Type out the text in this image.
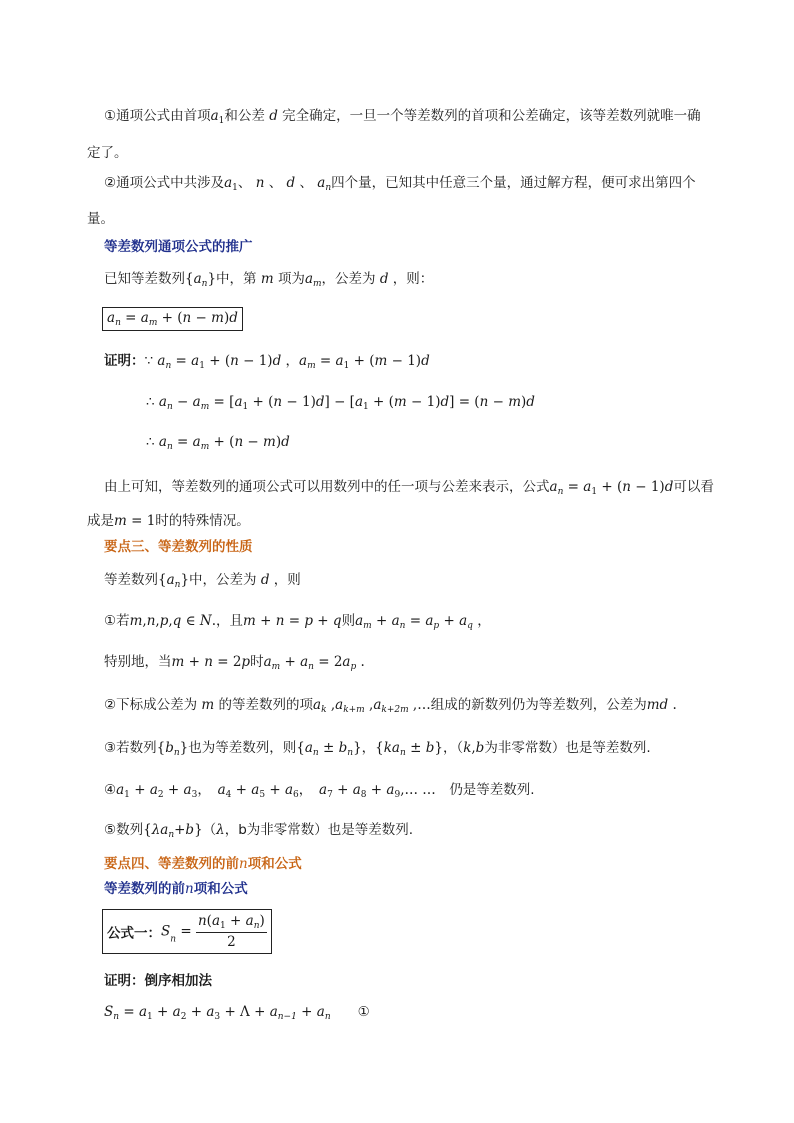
①通项公式由首项$a_1$和公差 d 完全确定，一旦一个等差数列的首项和公差确定，该等差数列就唯一确
定了。
②通项公式中共涉及$a_1$、 n 、 d 、 $a_n$四个量，已知其中任意三个量，通过解方程，便可求出第四个
量。
等差数列通项公式的推广
已知等差数列$\{a_n\}$中，第 m 项为$a_m$，公差为 d ，则：
$a_n = a_m + (n - m)d$
证明：∵ $a_n = a_1 + (n - 1)d$ ，$a_m = a_1 + (m - 1)d$
∴ $a_n - a_m = [a_1 + (n - 1)d] - [a_1 + (m - 1)d] = (n - m)d$
∴ $a_n = a_m + (n - m)d$
由上可知，等差数列的通项公式可以用数列中的任一项与公差来表示，公式$a_n = a_1 + (n - 1)d$可以看
成是m = 1时的特殊情况。
要点三、等差数列的性质
等差数列$\{a_n\}$中，公差为 d ，则
①若m,n,p,q ∈ N.，且m + n = p + q则$a_m + a_n = a_p + a_q$ ，
特别地，当m + n = 2p时$a_m + a_n = 2a_p$ .
②下标成公差为 m 的等差数列的项$a_k$ $,a_{k+m}$ $,a_{k+2m}$ ,…组成的新数列仍为等差数列，公差为md .
③若数列$\{b_n\}$也为等差数列，则$\{a_n \pm b_n\}$，$\{ka_n \pm b\}$，（k,b为非零常数）也是等差数列.
$④a_1 + a_2 + a_3$，　$a_4 + a_5 + a_6$，　$a_7 + a_8$ + $a_9,\dots$ …　仍是等差数列.
⑤数列$\{\lambda a_n+b\}(\lambda$，b为非零常数）也是等差数列.
要点四、等差数列的前n项和公式
等差数列的前n项和公式
公式一：$S_n = \frac{n(a_1 + a_n)}{2}$
证明：倒序相加法
$S_n = a_1 + a_2 + a_3 + \Lambda + a_{n-1} + a_n$　　 ①
